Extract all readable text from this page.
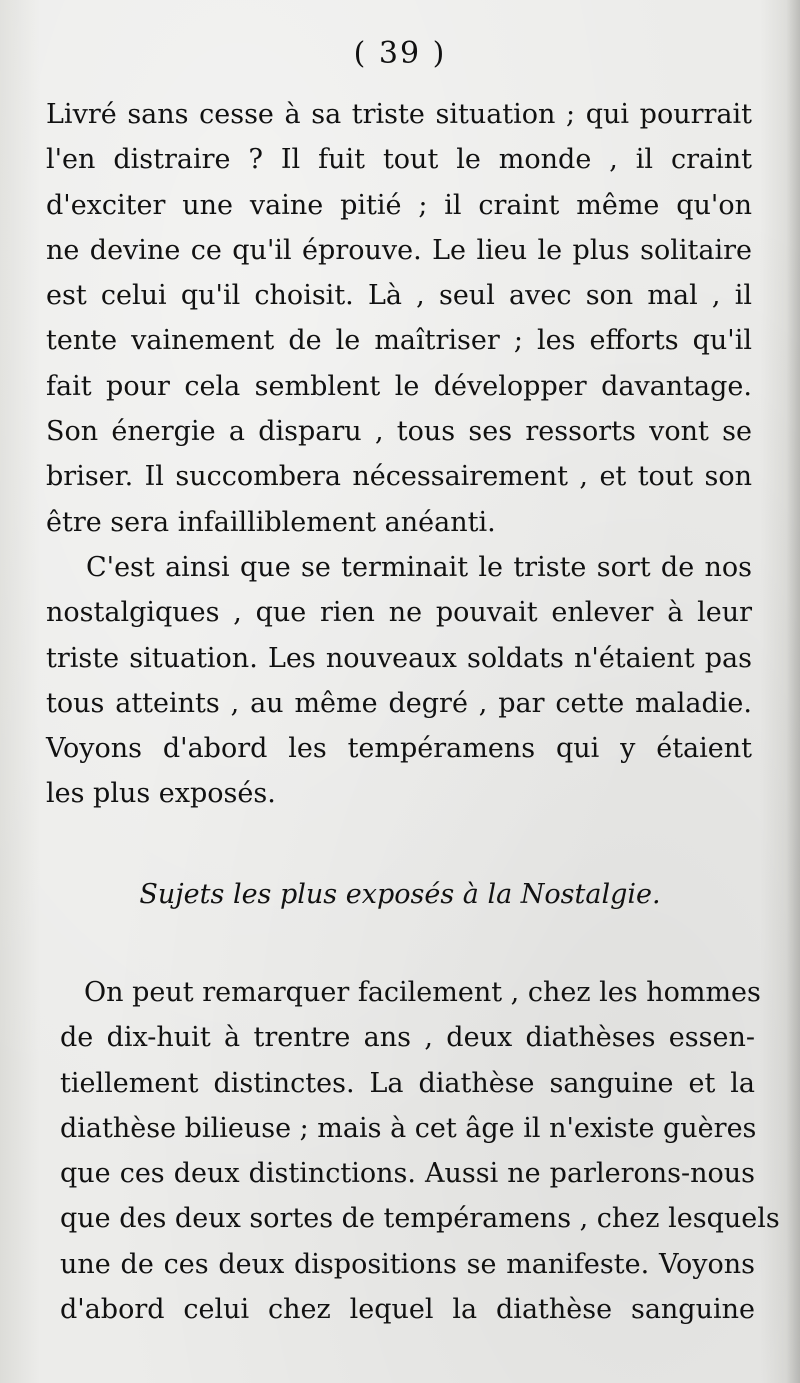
( 39 )
Livré sans cesse à sa triste situation ; qui pourrait
l'en distraire ? Il fuit tout le monde , il craint
d'exciter une vaine pitié ; il craint même qu'on
ne devine ce qu'il éprouve. Le lieu le plus solitaire
est celui qu'il choisit. Là , seul avec son mal , il
tente vainement de le maîtriser ; les efforts qu'il
fait pour cela semblent le développer davantage.
Son énergie a disparu , tous ses ressorts vont se
briser. Il succombera nécessairement , et tout son
être sera infailliblement anéanti.
C'est ainsi que se terminait le triste sort de nos
nostalgiques , que rien ne pouvait enlever à leur
triste situation. Les nouveaux soldats n'étaient pas
tous atteints , au même degré , par cette maladie.
Voyons d'abord les tempéramens qui y étaient
les plus exposés.
Sujets les plus exposés à la Nostalgie.
On peut remarquer facilement , chez les hommes
de dix-huit à trentre ans , deux diathèses essen-
tiellement distinctes. La diathèse sanguine et la
diathèse bilieuse ; mais à cet âge il n'existe guères
que ces deux distinctions. Aussi ne parlerons-nous
que des deux sortes de tempéramens , chez lesquels
une de ces deux dispositions se manifeste. Voyons
d'abord celui chez lequel la diathèse sanguine
